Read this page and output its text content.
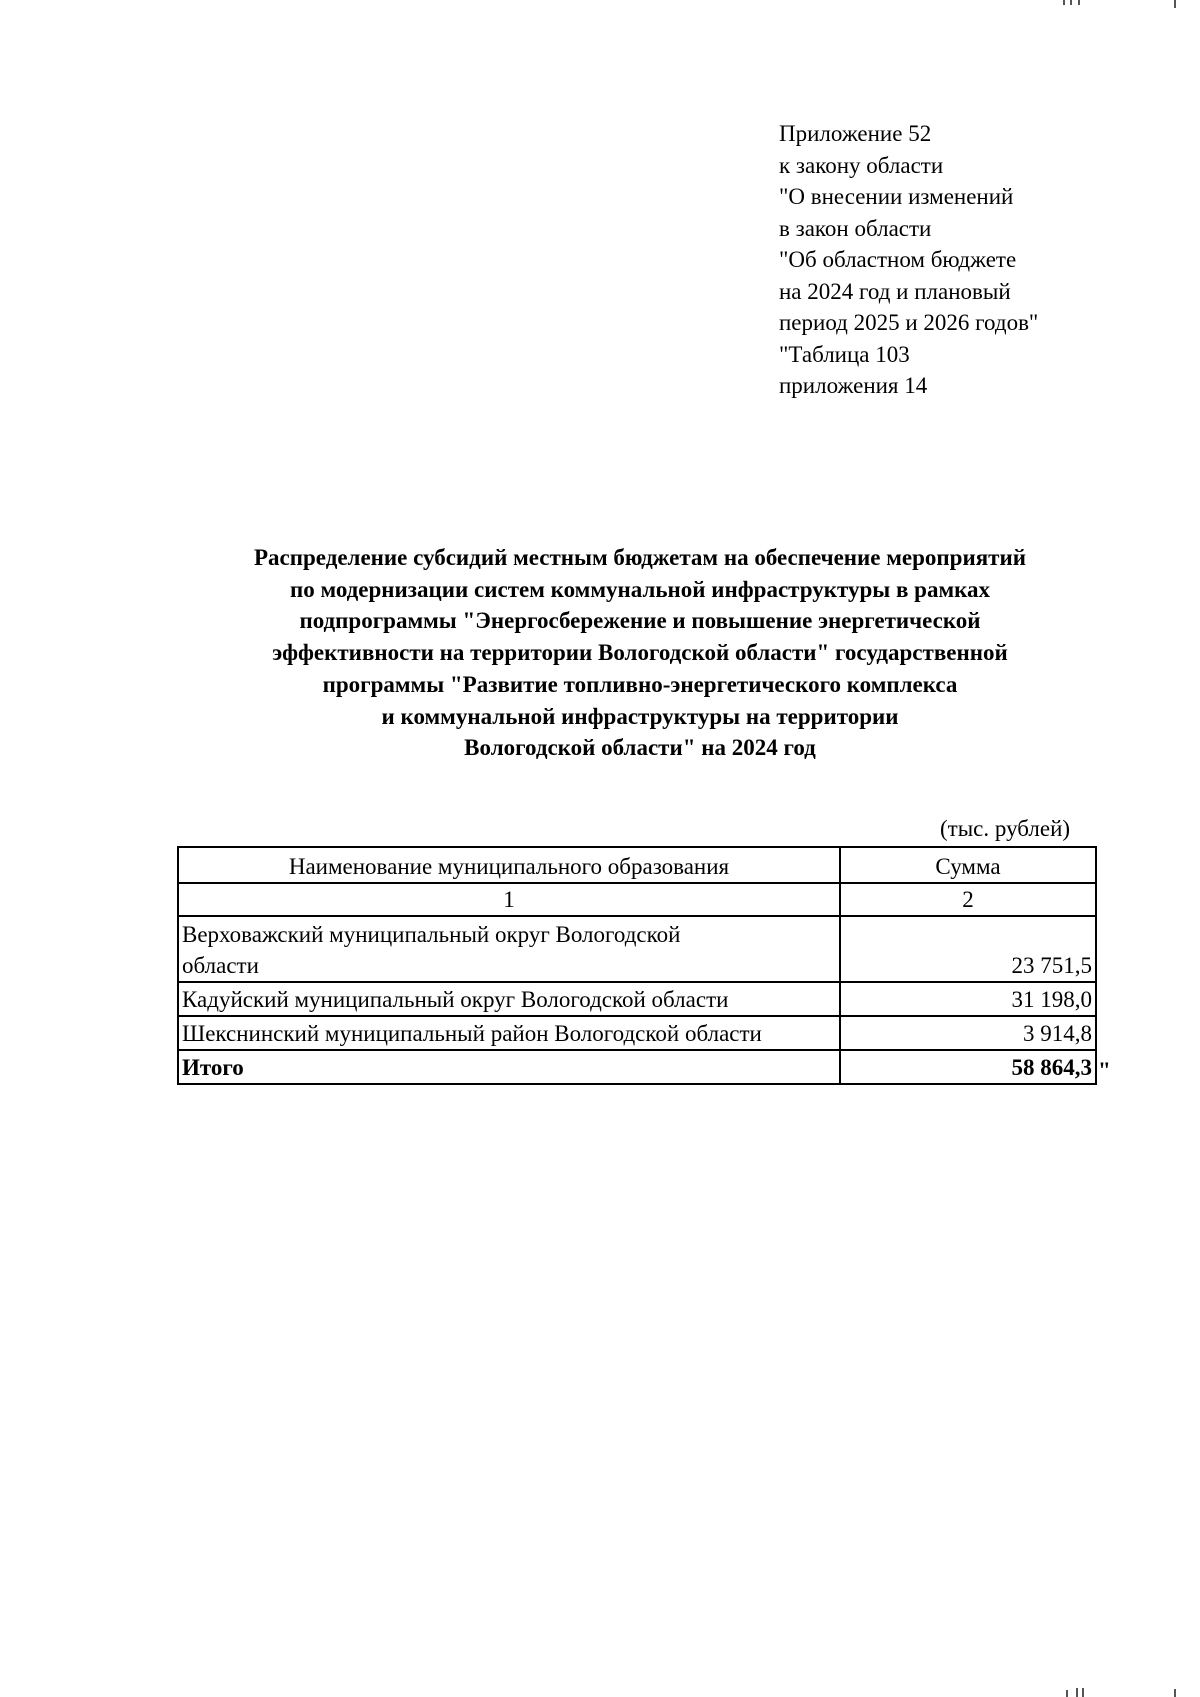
Приложение 52
к закону области
"О внесении изменений
в закон области
"Об областном бюджете
на 2024 год и плановый
период 2025 и 2026 годов"
"Таблица 103
приложения 14
Распределение субсидий местным бюджетам на обеспечение мероприятий
по модернизации систем коммунальной инфраструктуры в рамках
подпрограммы "Энергосбережение и повышение энергетической
эффективности на территории Вологодской области" государственной
программы "Развитие топливно-энергетического комплекса
и коммунальной инфраструктуры на территории
Вологодской области" на 2024 год
(тыс. рублей)
Наименование муниципального образования	Сумма
1	2

Верховажский муниципальный округ Вологодской
области	23 751,5
Кадуйский муниципальный округ Вологодской области	31 198,0
Шекснинский муниципальный район Вологодской области	3 914,8
Итого	58 864,3 "
